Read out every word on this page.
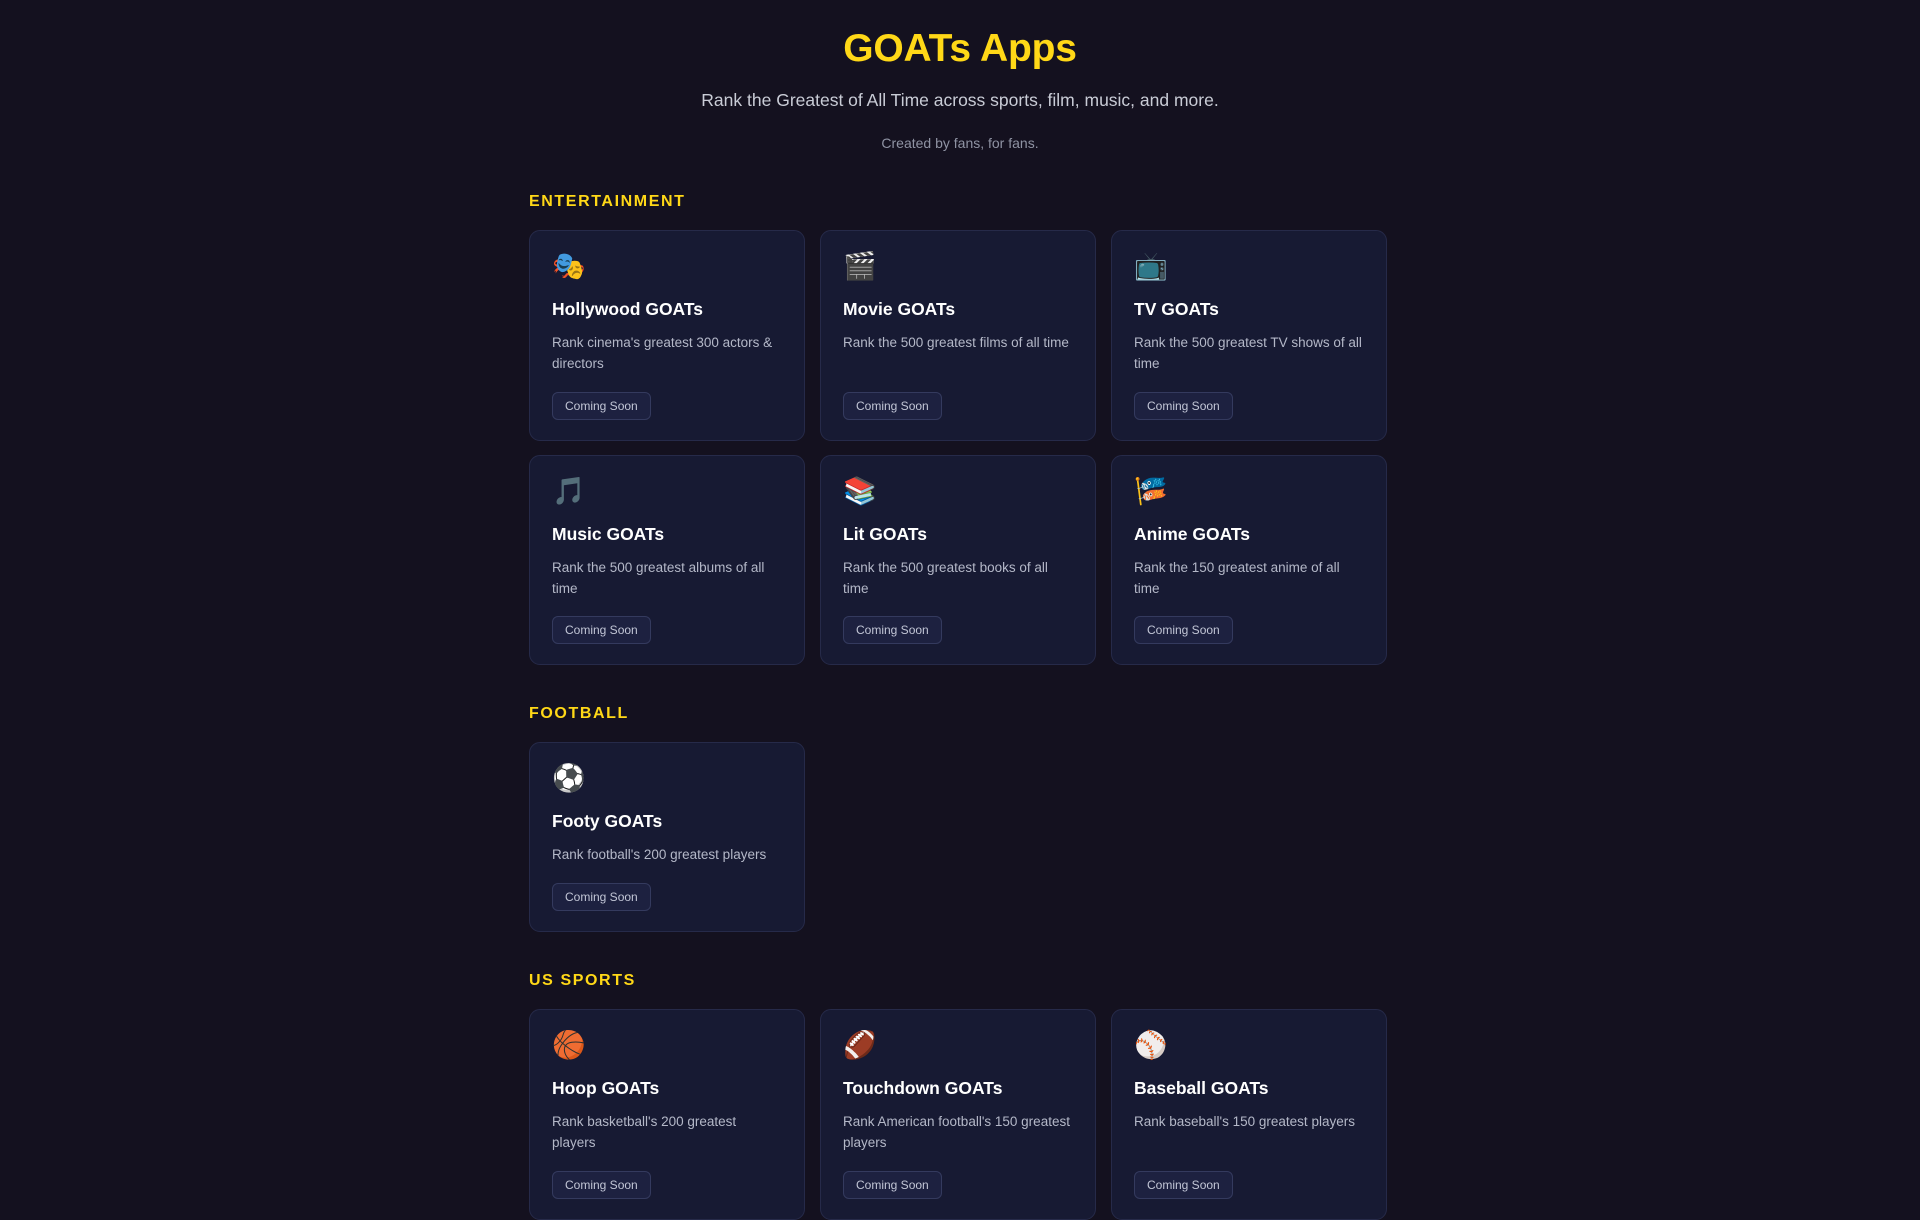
GOATs Apps

Rank the Greatest of All Time across sports, film, music, and more.

Created by fans, for fans.

ENTERTAINMENT
🎭
Hollywood GOATs
Rank cinema's greatest 300 actors & directors
Coming Soon
🎬
Movie GOATs
Rank the 500 greatest films of all time
Coming Soon
📺
TV GOATs
Rank the 500 greatest TV shows of all time
Coming Soon
🎵
Music GOATs
Rank the 500 greatest albums of all time
Coming Soon
📚
Lit GOATs
Rank the 500 greatest books of all time
Coming Soon
🎏
Anime GOATs
Rank the 150 greatest anime of all time
Coming Soon
FOOTBALL
⚽
Footy GOATs
Rank football's 200 greatest players
Coming Soon
US SPORTS
🏀
Hoop GOATs
Rank basketball's 200 greatest players
Coming Soon
🏈
Touchdown GOATs
Rank American football's 150 greatest players
Coming Soon
⚾
Baseball GOATs
Rank baseball's 150 greatest players
Coming Soon
